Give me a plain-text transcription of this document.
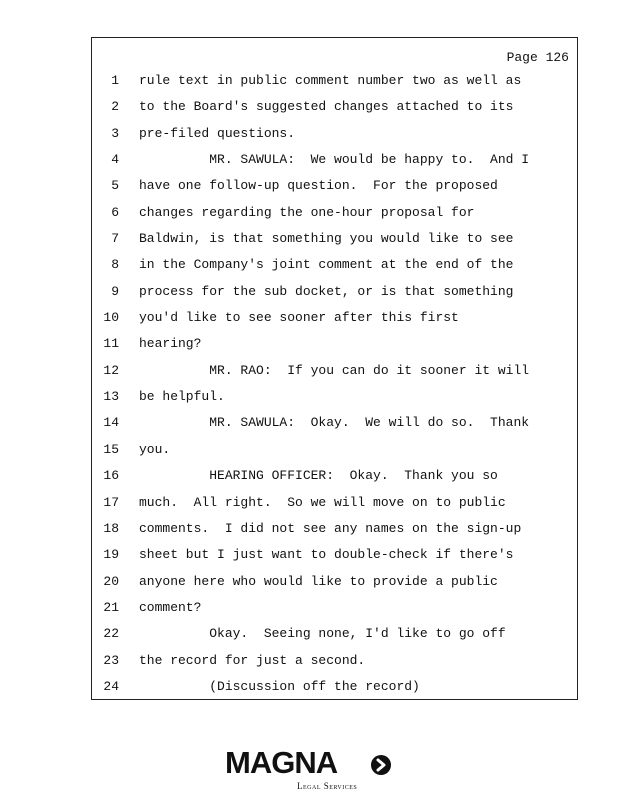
Page 126
1 rule text in public comment number two as well as
2 to the Board's suggested changes attached to its
3 pre-filed questions.
4 MR. SAWULA:  We would be happy to.  And I
5 have one follow-up question.  For the proposed
6 changes regarding the one-hour proposal for
7 Baldwin, is that something you would like to see
8 in the Company's joint comment at the end of the
9 process for the sub docket, or is that something
10 you'd like to see sooner after this first
11 hearing?
12 MR. RAO:  If you can do it sooner it will
13 be helpful.
14 MR. SAWULA:  Okay.  We will do so.  Thank
15 you.
16 HEARING OFFICER:  Okay.  Thank you so
17 much.  All right.  So we will move on to public
18 comments.  I did not see any names on the sign-up
19 sheet but I just want to double-check if there's
20 anyone here who would like to provide a public
21 comment?
22 Okay.  Seeing none, I'd like to go off
23 the record for just a second.
24 (Discussion off the record)
MAGNA
Legal Services
